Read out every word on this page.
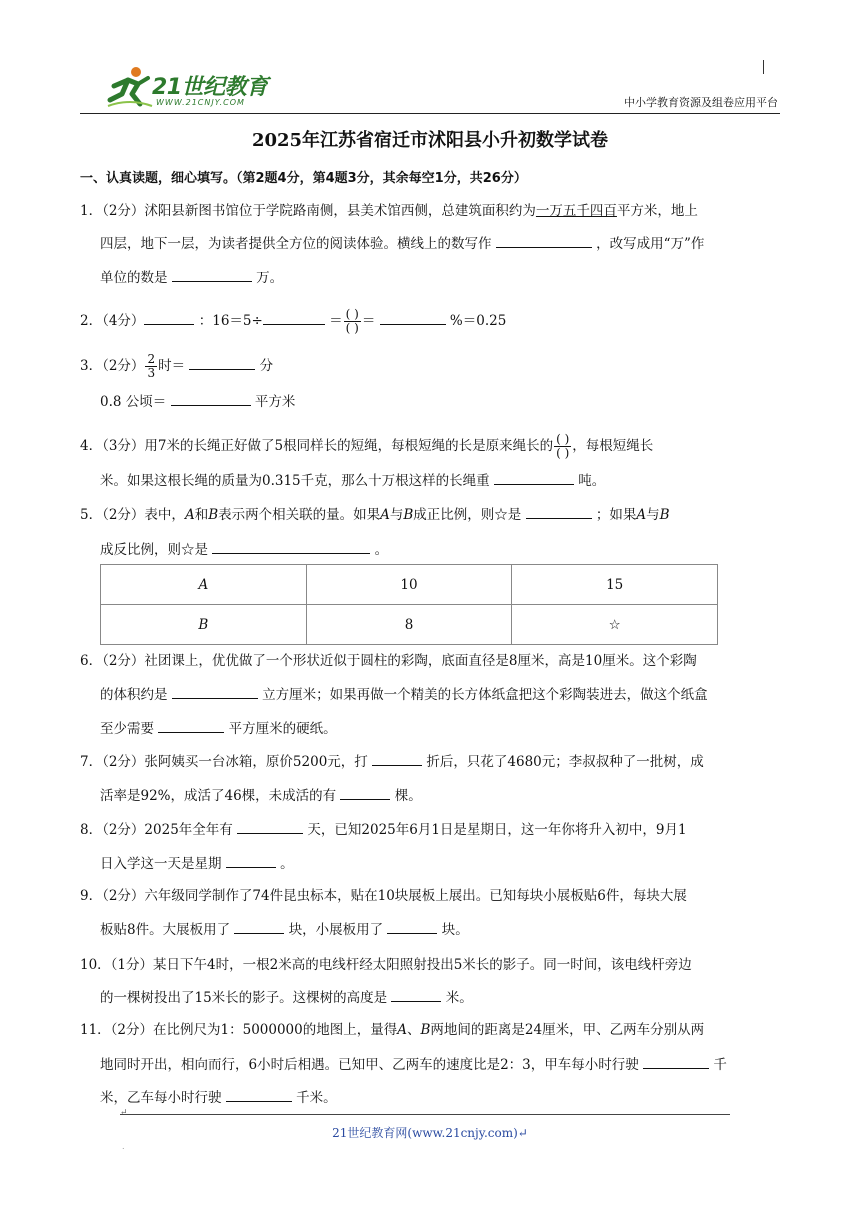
21世纪教育
WWW.21CNJY.COM	中小学教育资源及组卷应用平台
2025年江苏省宿迁市沭阳县小升初数学试卷
一、认真读题，细心填写。（第2题4分，第4题3分，其余每空1分，共26分）
1．（2分）沭阳县新图书馆位于学院路南侧，县美术馆西侧，总建筑面积约为一万五千四百平方米，地上
四层，地下一层，为读者提供全方位的阅读体验。横线上的数写作	，改写成用“万”作
单位的数是	万。
2．（4分）	：16＝5÷	＝ $\frac{( )}{( )}$ ＝	%＝0.25
3．（2分） $\frac{2}{3}$ 时＝	分
0.8 公顷＝	平方米
4．（3分）用7米的长绳正好做了5根同样长的短绳，每根短绳的长是原来绳长的 $\frac{( )}{( )}$ ，每根短绳长
米。如果这根长绳的质量为0.315千克，那么十万根这样的长绳重	吨。
5．（2分）表中，A和B表示两个相关联的量。如果A与B成正比例，则☆是	；如果A与B
成反比例，则☆是	。
A	10	15
B	8	☆
6．（2分）社团课上，优优做了一个形状近似于圆柱的彩陶，底面直径是8厘米，高是10厘米。这个彩陶
的体积约是	立方厘米；如果再做一个精美的长方体纸盒把这个彩陶装进去，做这个纸盒
至少需要	平方厘米的硬纸。
7．（2分）张阿姨买一台冰箱，原价5200元，打	折后，只花了4680元；李叔叔种了一批树，成
活率是92%，成活了46棵，未成活的有	棵。
8．（2分）2025年全年有	天，已知2025年6月1日是星期日，这一年你将升入初中，9月1
日入学这一天是星期	。
9．（2分）六年级同学制作了74件昆虫标本，贴在10块展板上展出。已知每块小展板贴6件，每块大展
板贴8件。大展板用了	块，小展板用了	块。
10．（1分）某日下午4时，一根2米高的电线杆经太阳照射投出5米长的影子。同一时间，该电线杆旁边
的一棵树投出了15米长的影子。这棵树的高度是	米。
11．（2分）在比例尺为1：5000000的地图上，量得A、B两地间的距离是24厘米，甲、乙两车分别从两
地同时开出，相向而行，6小时后相遇。已知甲、乙两车的速度比是2：3，甲车每小时行驶	千
米，乙车每小时行驶	千米。
↵
21世纪教育网(www.21cnjy.com)↵
.
